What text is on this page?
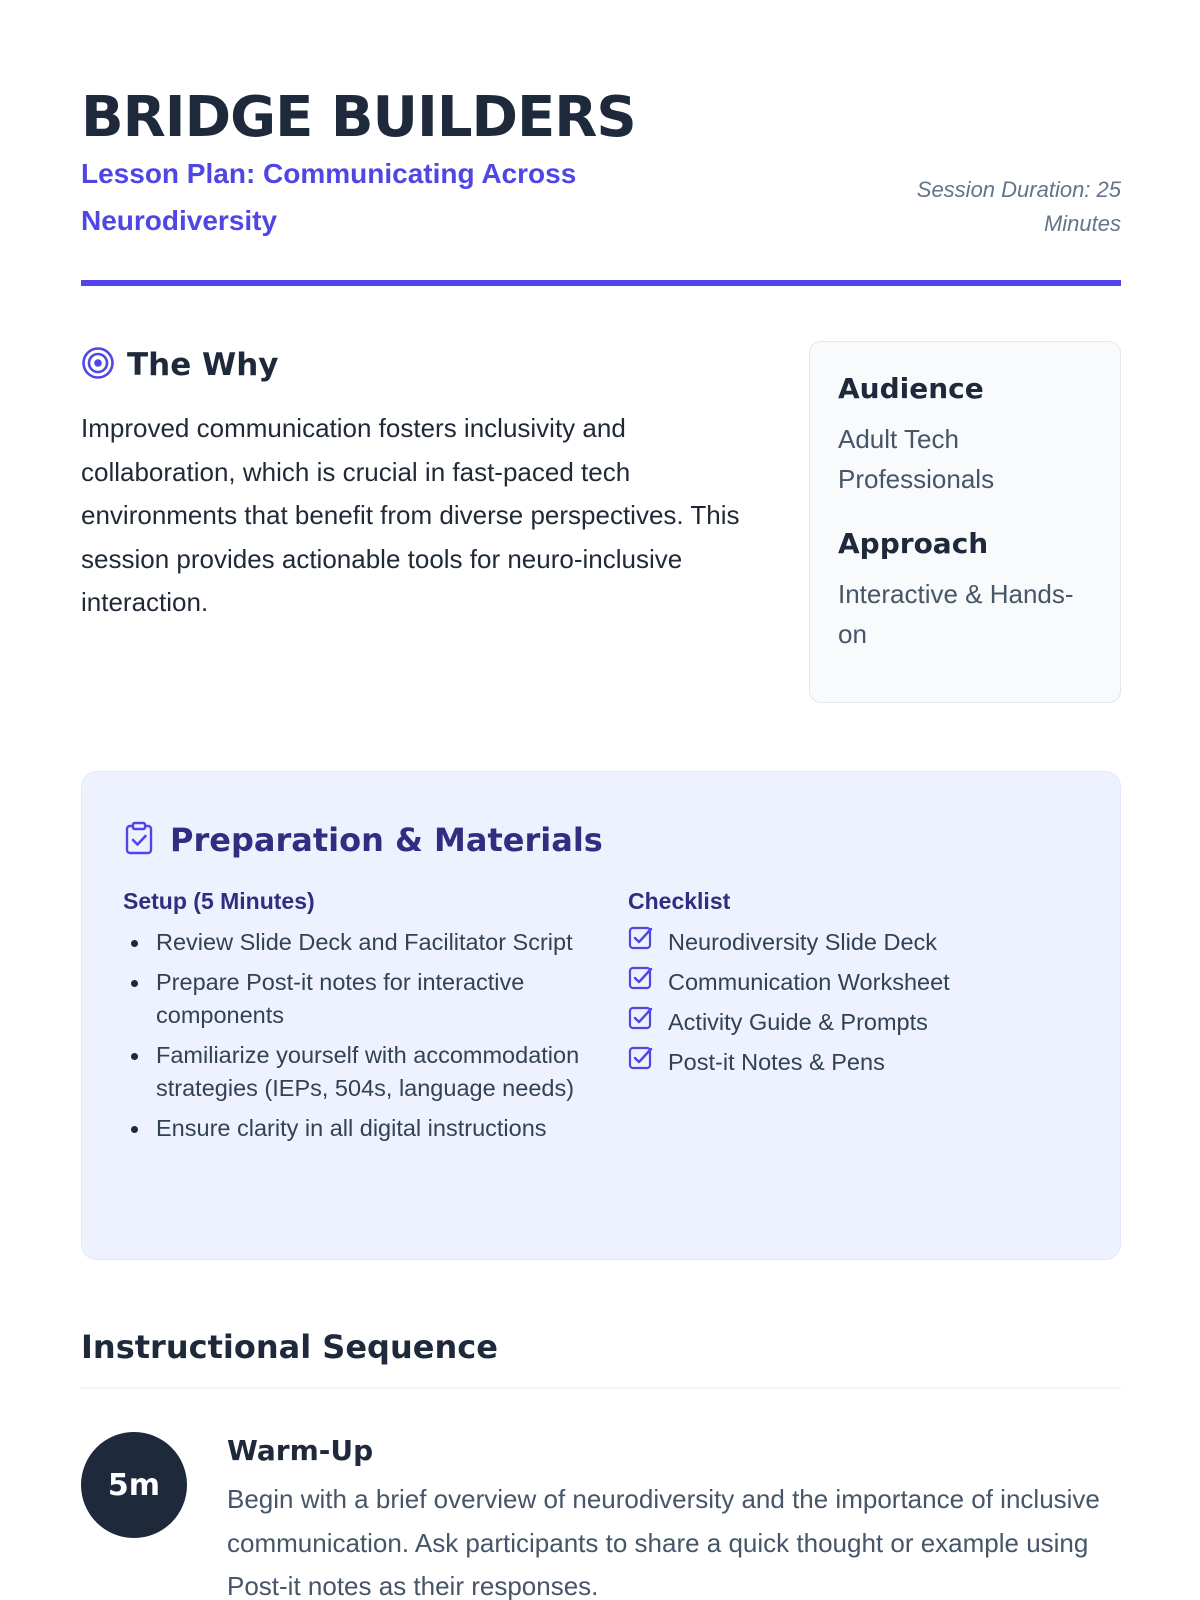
BRIDGE BUILDERS
Lesson Plan: Communicating Across Neurodiversity
Session Duration: 25 Minutes
The Why

Improved communication fosters inclusivity and collaboration, which is crucial in fast-paced tech environments that benefit from diverse perspectives. This session provides actionable tools for neuro-inclusive interaction.

Audience
Adult Tech Professionals
Approach
Interactive & Hands-on
Preparation & Materials
Setup (5 Minutes)
Review Slide Deck and Facilitator Script
Prepare Post-it notes for interactive components
Familiarize yourself with accommodation strategies (IEPs, 504s, language needs)
Ensure clarity in all digital instructions
Checklist
Neurodiversity Slide Deck
Communication Worksheet
Activity Guide & Prompts
Post-it Notes & Pens
Instructional Sequence
5m
Warm-Up

Begin with a brief overview of neurodiversity and the importance of inclusive communication. Ask participants to share a quick thought or example using Post-it notes as their responses.
